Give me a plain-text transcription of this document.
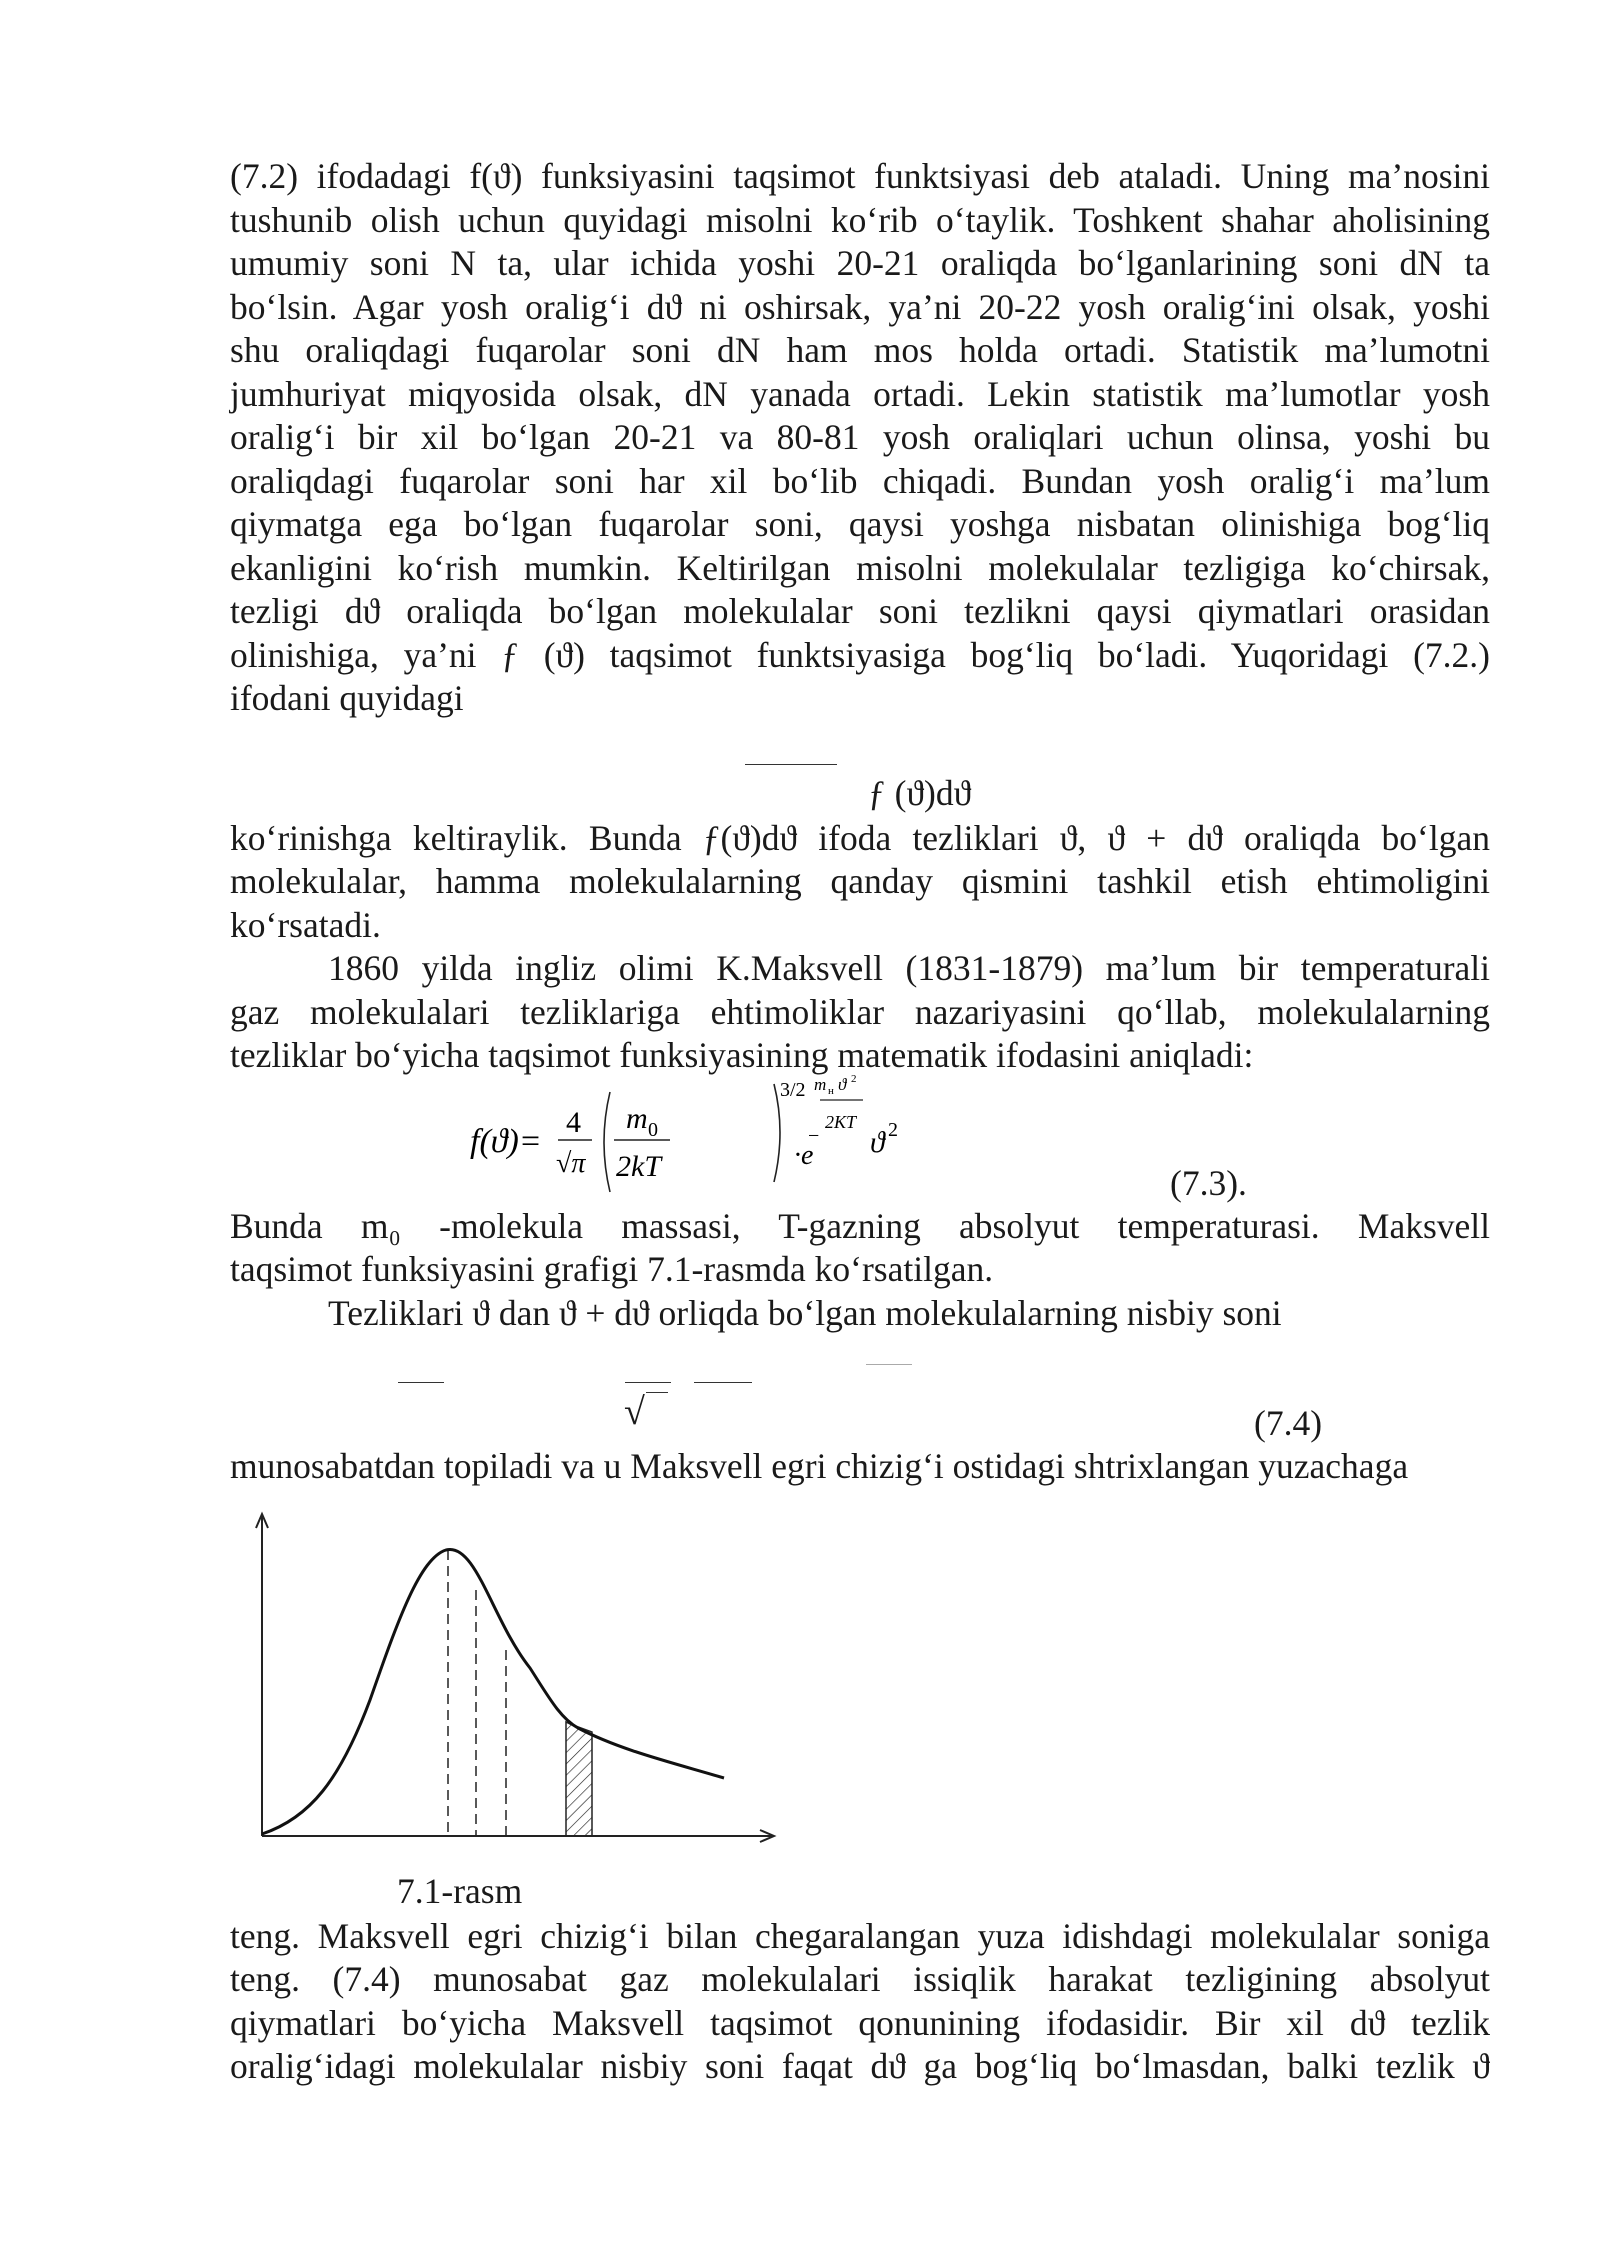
(7.2) ifodadagi f(ϑ) funksiyasini taqsimot funktsiyasi deb ataladi. Uning ma’nosini
tushunib olish uchun quyidagi misolni ko‘rib o‘taylik. Toshkent shahar aholisining
umumiy soni N ta, ular ichida yoshi 20-21 oraliqda bo‘lganlarining soni dN ta
bo‘lsin. Agar yosh oralig‘i dϑ ni oshirsak, ya’ni 20-22 yosh oralig‘ini olsak, yoshi
shu oraliqdagi fuqarolar soni dN ham mos holda ortadi. Statistik ma’lumotni
jumhuriyat miqyosida olsak, dN yanada ortadi. Lekin statistik ma’lumotlar yosh
oralig‘i bir xil bo‘lgan 20-21 va 80-81 yosh oraliqlari uchun olinsa, yoshi bu
oraliqdagi fuqarolar soni har xil bo‘lib chiqadi. Bundan yosh oralig‘i ma’lum
qiymatga ega bo‘lgan fuqarolar soni, qaysi yoshga nisbatan olinishiga bog‘liq
ekanligini ko‘rish mumkin. Keltirilgan misolni molekulalar tezligiga ko‘chirsak,
tezligi dϑ oraliqda bo‘lgan molekulalar soni tezlikni qaysi qiymatlari orasidan
olinishiga, ya’ni ƒ (ϑ) taqsimot funktsiyasiga bog‘liq bo‘ladi. Yuqoridagi (7.2.)
ifodani quyidagi
ƒ (ϑ)dϑ
ko‘rinishga keltiraylik. Bunda ƒ(ϑ)dϑ ifoda tezliklari ϑ, ϑ + dϑ oraliqda bo‘lgan
molekulalar, hamma molekulalarning qanday qismini tashkil etish ehtimoligini
ko‘rsatadi.
1860 yilda ingliz olimi K.Maksvell (1831-1879) ma’lum bir temperaturali
gaz molekulalari tezliklariga ehtimoliklar nazariyasini qo‘llab, molekulalarning
tezliklar bo‘yicha taqsimot funksiyasining matematik ifodasini aniqladi:
f(ϑ)=
4
√π
m 0
2kT
3/2
−
m н ϑ 2
2KT
·e ϑ 2
(7.3).
Bunda m₀ -molekula massasi, T-gazning absolyut temperaturasi. Maksvell
taqsimot funksiyasini grafigi 7.1-rasmda ko‘rsatilgan.
Tezliklari ϑ dan ϑ + dϑ orliqda bo‘lgan molekulalarning nisbiy soni
√	(7.4)
munosabatdan topiladi va u Maksvell egri chizig‘i ostidagi shtrixlangan yuzachaga
7.1-rasm
teng. Maksvell egri chizig‘i bilan chegaralangan yuza idishdagi molekulalar soniga
teng. (7.4) munosabat gaz molekulalari issiqlik harakat tezligining absolyut
qiymatlari bo‘yicha Maksvell taqsimot qonunining ifodasidir. Bir xil dϑ tezlik
oralig‘idagi molekulalar nisbiy soni faqat dϑ ga bog‘liq bo‘lmasdan, balki tezlik ϑ
